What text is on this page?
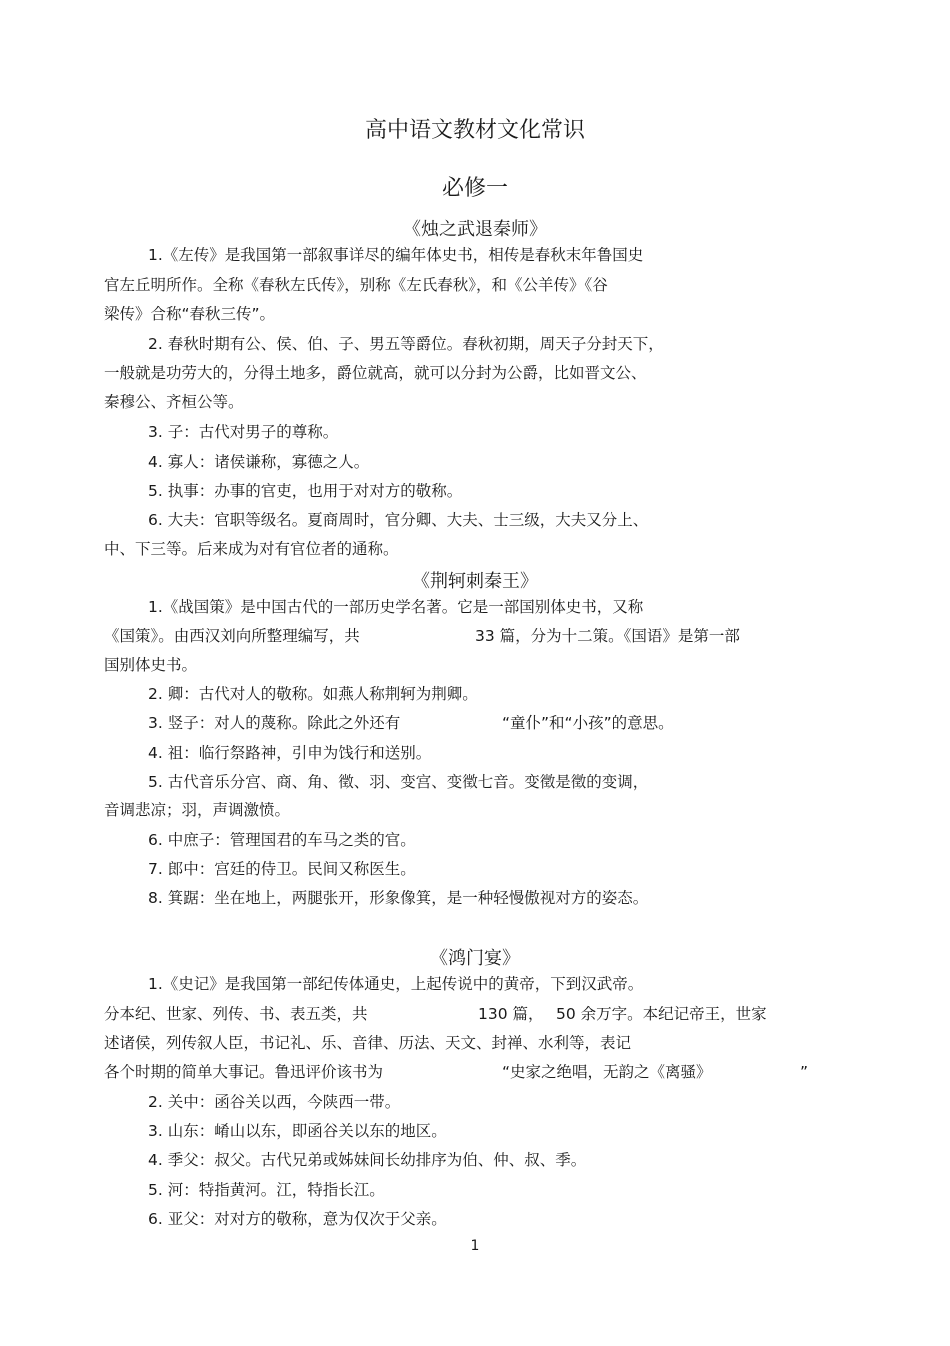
高中语文教材文化常识
必修一
《烛之武退秦师》
1.《左传》是我国第一部叙事详尽的编年体史书，相传是春秋末年鲁国史
官左丘明所作。全称《春秋左氏传》，别称《左氏春秋》，和《公羊传》《谷
梁传》合称“春秋三传”。
2. 春秋时期有公、侯、伯、子、男五等爵位。春秋初期，周天子分封天下，
一般就是功劳大的，分得土地多，爵位就高，就可以分封为公爵，比如晋文公、
秦穆公、齐桓公等。
3. 子：古代对男子的尊称。
4. 寡人：诸侯谦称，寡德之人。
5. 执事：办事的官吏，也用于对对方的敬称。
6. 大夫：官职等级名。夏商周时，官分卿、大夫、士三级，大夫又分上、
中、下三等。后来成为对有官位者的通称。
《荆轲刺秦王》
1.《战国策》是中国古代的一部历史学名著。它是一部国别体史书，又称
《国策》。由西汉刘向所整理编写，共	33 篇，分为十二策。《国语》是第一部
国别体史书。
2. 卿：古代对人的敬称。如燕人称荆轲为荆卿。
3. 竖子：对人的蔑称。除此之外还有	“童仆”和“小孩”的意思。
4. 祖：临行祭路神，引申为饯行和送别。
5. 古代音乐分宫、商、角、徵、羽、变宫、变徵七音。变徵是徵的变调，
音调悲凉；羽，声调激愤。
6. 中庶子：管理国君的车马之类的官。
7. 郎中：宫廷的侍卫。民间又称医生。
8. 箕踞：坐在地上，两腿张开，形象像箕，是一种轻慢傲视对方的姿态。
《鸿门宴》
1.《史记》是我国第一部纪传体通史，上起传说中的黄帝，下到汉武帝。
分本纪、世家、列传、书、表五类，共	130 篇， 50 余万字。本纪记帝王，世家
述诸侯，列传叙人臣，书记礼、乐、音律、历法、天文、封禅、水利等，表记
各个时期的简单大事记。鲁迅评价该书为	“史家之绝唱，无韵之《离骚》	”
2. 关中：函谷关以西，今陕西一带。
3. 山东：崤山以东，即函谷关以东的地区。
4. 季父：叔父。古代兄弟或姊妹间长幼排序为伯、仲、叔、季。
5. 河：特指黄河。江，特指长江。
6. 亚父：对对方的敬称，意为仅次于父亲。
1
